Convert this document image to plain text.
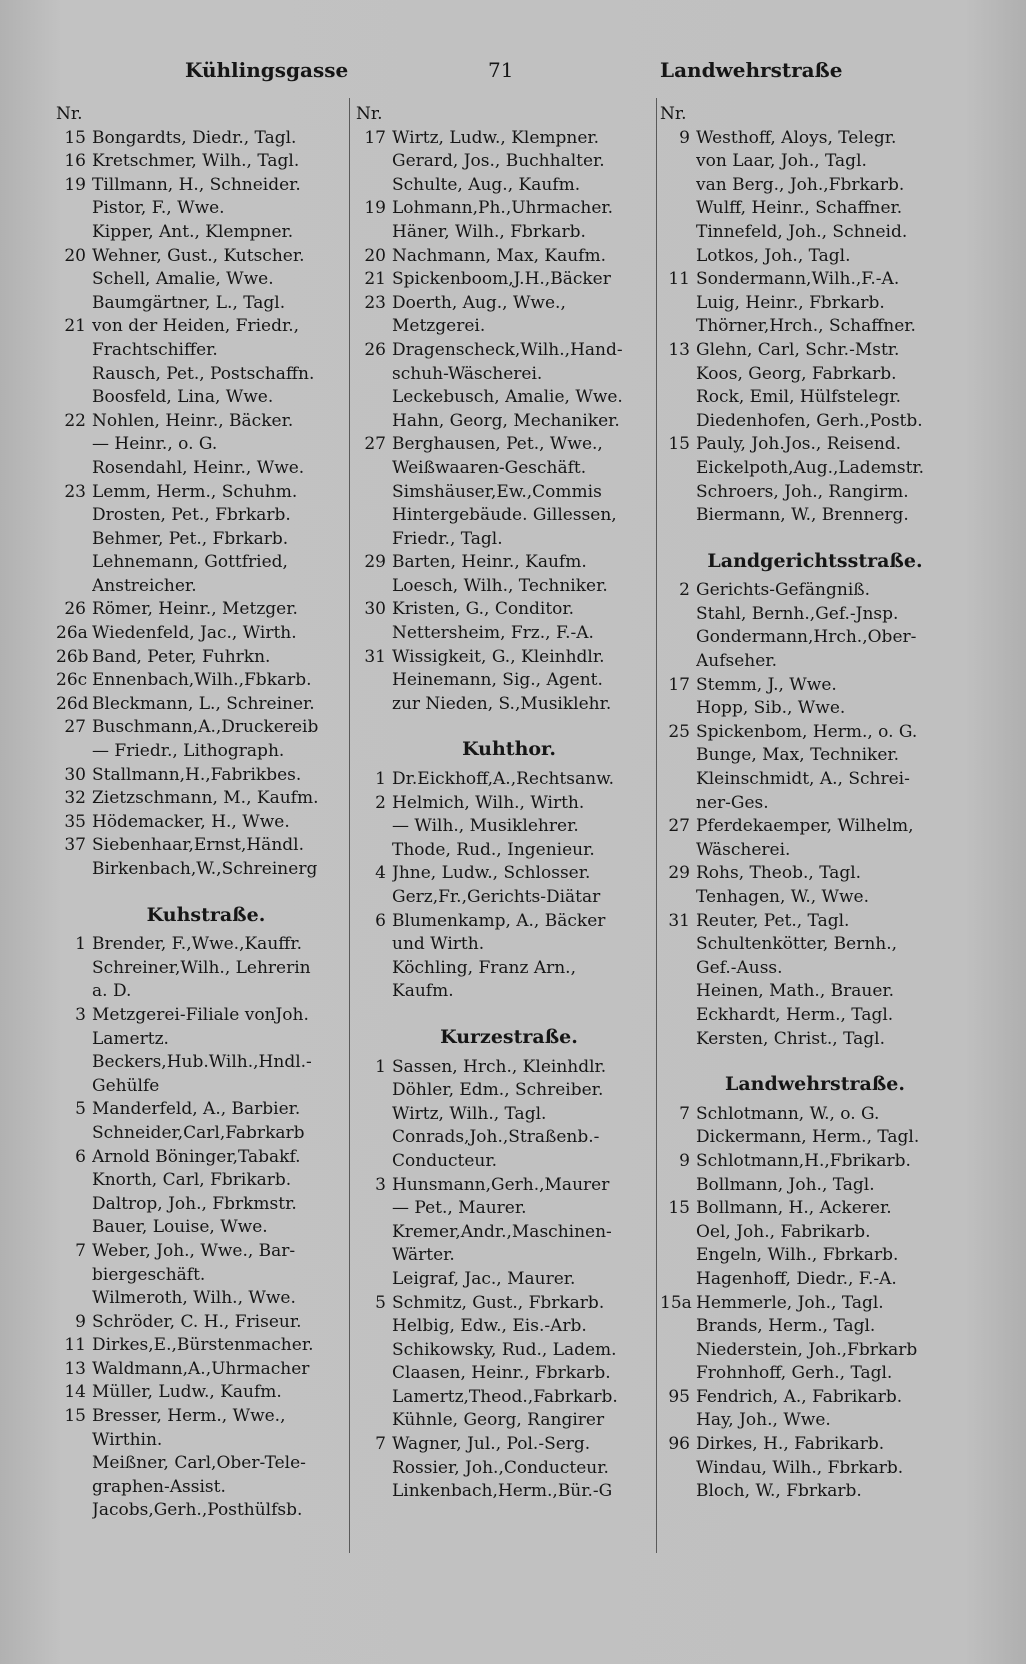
Kühlingsgasse	71	Landwehrstraße
Nr.
15 Bongardts, Diedr., Tagl.
16 Kretschmer, Wilh., Tagl.
19 Tillmann, H., Schneider.
Pistor, F., Wwe.
Kipper, Ant., Klempner.
20 Wehner, Gust., Kutscher.
Schell, Amalie, Wwe.
Baumgärtner, L., Tagl.
21 von der Heiden, Friedr.,
Frachtschiffer.
Rausch, Pet., Postschaffn.
Boosfeld, Lina, Wwe.
22 Nohlen, Heinr., Bäcker.
— Heinr., o. G.
Rosendahl, Heinr., Wwe.
23 Lemm, Herm., Schuhm.
Drosten, Pet., Fbrkarb.
Behmer, Pet., Fbrkarb.
Lehnemann, Gottfried,
Anstreicher.
26 Römer, Heinr., Metzger.
26a Wiedenfeld, Jac., Wirth.
26b Band, Peter, Fuhrkn.
26c Ennenbach,Wilh.,Fbkarb.
26d Bleckmann, L., Schreiner.
27 Buschmann,A.,Druckereib
— Friedr., Lithograph.
30 Stallmann,H.,Fabrikbes.
32 Zietzschmann, M., Kaufm.
35 Hödemacker, H., Wwe.
37 Siebenhaar,Ernst,Händl.
Birkenbach,W.,Schreinerg
Kuhstraße.
1 Brender, F.,Wwe.,Kauffr.
Schreiner,Wilh., Lehrerin
a. D.
3 Metzgerei-Filiale vonJoh.
Lamertz.
Beckers,Hub.Wilh.,Hndl.-
Gehülfe
5 Manderfeld, A., Barbier.
Schneider,Carl,Fabrkarb
6 Arnold Böninger,Tabakf.
Knorth, Carl, Fbrikarb.
Daltrop, Joh., Fbrkmstr.
Bauer, Louise, Wwe.
7 Weber, Joh., Wwe., Bar-
biergeschäft.
Wilmeroth, Wilh., Wwe.
9 Schröder, C. H., Friseur.
11 Dirkes,E.,Bürstenmacher.
13 Waldmann,A.,Uhrmacher
14 Müller, Ludw., Kaufm.
15 Bresser, Herm., Wwe.,
Wirthin.
Meißner, Carl,Ober-Tele-
graphen-Assist.
Jacobs,Gerh.,Posthülfsb.
Nr.
17 Wirtz, Ludw., Klempner.
Gerard, Jos., Buchhalter.
Schulte, Aug., Kaufm.
19 Lohmann,Ph.,Uhrmacher.
Häner, Wilh., Fbrkarb.
20 Nachmann, Max, Kaufm.
21 Spickenboom,J.H.,Bäcker
23 Doerth, Aug., Wwe.,
Metzgerei.
26 Dragenscheck,Wilh.,Hand-
schuh-Wäscherei.
Leckebusch, Amalie, Wwe.
Hahn, Georg, Mechaniker.
27 Berghausen, Pet., Wwe.,
Weißwaaren-Geschäft.
Simshäuser,Ew.,Commis
Hintergebäude. Gillessen,
Friedr., Tagl.
29 Barten, Heinr., Kaufm.
Loesch, Wilh., Techniker.
30 Kristen, G., Conditor.
Nettersheim, Frz., F.-A.
31 Wissigkeit, G., Kleinhdlr.
Heinemann, Sig., Agent.
zur Nieden, S.,Musiklehr.
Kuhthor.
1 Dr.Eickhoff,A.,Rechtsanw.
2 Helmich, Wilh., Wirth.
— Wilh., Musiklehrer.
Thode, Rud., Ingenieur.
4 Jhne, Ludw., Schlosser.
Gerz,Fr.,Gerichts-Diätar
6 Blumenkamp, A., Bäcker
und Wirth.
Köchling, Franz Arn.,
Kaufm.
Kurzestraße.
1 Sassen, Hrch., Kleinhdlr.
Döhler, Edm., Schreiber.
Wirtz, Wilh., Tagl.
Conrads,Joh.,Straßenb.-
Conducteur.
3 Hunsmann,Gerh.,Maurer
— Pet., Maurer.
Kremer,Andr.,Maschinen-
Wärter.
Leigraf, Jac., Maurer.
5 Schmitz, Gust., Fbrkarb.
Helbig, Edw., Eis.-Arb.
Schikowsky, Rud., Ladem.
Claasen, Heinr., Fbrkarb.
Lamertz,Theod.,Fabrkarb.
Kühnle, Georg, Rangirer
7 Wagner, Jul., Pol.-Serg.
Rossier, Joh.,Conducteur.
Linkenbach,Herm.,Bür.-G
Nr.
9 Westhoff, Aloys, Telegr.
von Laar, Joh., Tagl.
van Berg., Joh.,Fbrkarb.
Wulff, Heinr., Schaffner.
Tinnefeld, Joh., Schneid.
Lotkos, Joh., Tagl.
11 Sondermann,Wilh.,F.-A.
Luig, Heinr., Fbrkarb.
Thörner,Hrch., Schaffner.
13 Glehn, Carl, Schr.-Mstr.
Koos, Georg, Fabrkarb.
Rock, Emil, Hülfstelegr.
Diedenhofen, Gerh.,Postb.
15 Pauly, Joh.Jos., Reisend.
Eickelpoth,Aug.,Lademstr.
Schroers, Joh., Rangirm.
Biermann, W., Brennerg.
Landgerichtsstraße.
2 Gerichts-Gefängniß.
Stahl, Bernh.,Gef.-Jnsp.
Gondermann,Hrch.,Ober-
Aufseher.
17 Stemm, J., Wwe.
Hopp, Sib., Wwe.
25 Spickenbom, Herm., o. G.
Bunge, Max, Techniker.
Kleinschmidt, A., Schrei-
ner-Ges.
27 Pferdekaemper, Wilhelm,
Wäscherei.
29 Rohs, Theob., Tagl.
Tenhagen, W., Wwe.
31 Reuter, Pet., Tagl.
Schultenkötter, Bernh.,
Gef.-Auss.
Heinen, Math., Brauer.
Eckhardt, Herm., Tagl.
Kersten, Christ., Tagl.
Landwehrstraße.
7 Schlotmann, W., o. G.
Dickermann, Herm., Tagl.
9 Schlotmann,H.,Fbrikarb.
Bollmann, Joh., Tagl.
15 Bollmann, H., Ackerer.
Oel, Joh., Fabrikarb.
Engeln, Wilh., Fbrkarb.
Hagenhoff, Diedr., F.-A.
15a Hemmerle, Joh., Tagl.
Brands, Herm., Tagl.
Niederstein, Joh.,Fbrkarb
Frohnhoff, Gerh., Tagl.
95 Fendrich, A., Fabrikarb.
Hay, Joh., Wwe.
96 Dirkes, H., Fabrikarb.
Windau, Wilh., Fbrkarb.
Bloch, W., Fbrkarb.
